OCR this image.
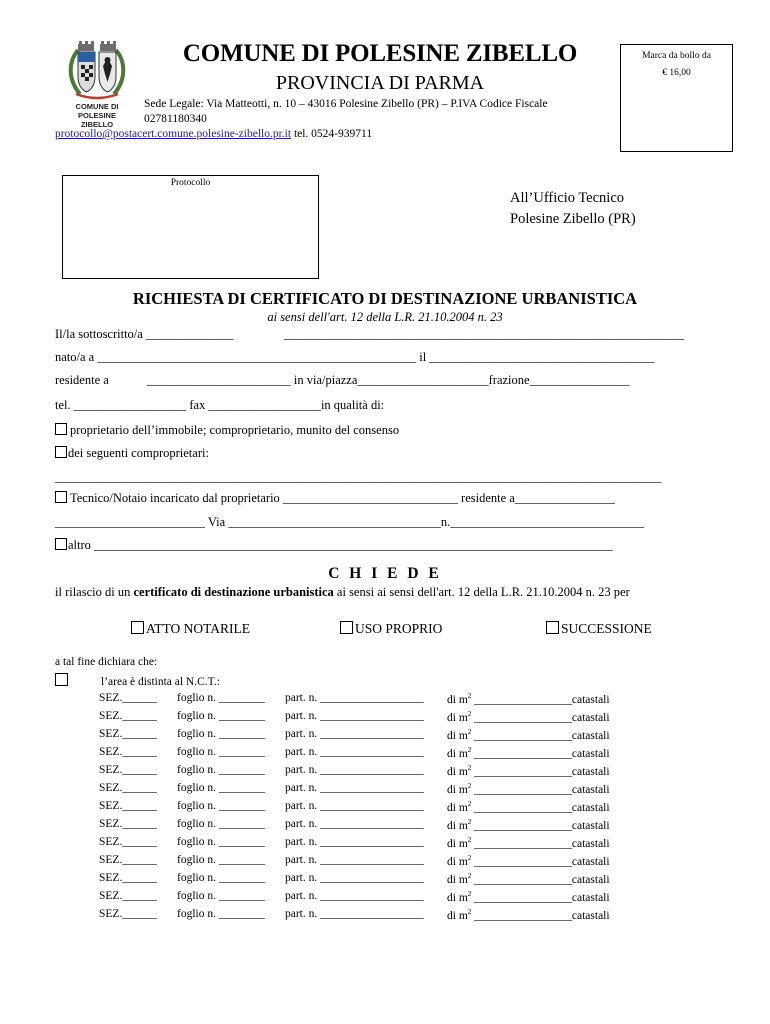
COMUNE DI
POLESINE ZIBELLO
COMUNE DI POLESINE ZIBELLO
PROVINCIA DI PARMA
Sede Legale: Via Matteotti, n. 10 – 43016 Polesine Zibello (PR) – P.IVA Codice Fiscale
02781180340
protocollo@postacert.comune.polesine-zibello.pr.it tel. 0524-939711
Marca da bollo da
€ 16,00
Protocollo
All’Ufficio Tecnico
Polesine Zibello (PR)
RICHIESTA DI CERTIFICATO DI DESTINAZIONE URBANISTICA
ai sensi dell'art. 12 della L.R. 21.10.2004 n. 23
Il/la sottoscritto/a ______________	________________________________________________________________
nato/a a ___________________________________________________ il ____________________________________
residente a	_______________________ in via/piazza_____________________frazione________________
tel. __________________ fax __________________in qualità di:
proprietario dell’immobile; comproprietario, munito del consenso
dei seguenti comproprietari:
_________________________________________________________________________________________________
Tecnico/Notaio incaricato dal proprietario ____________________________ residente a________________
________________________ Via __________________________________n._______________________________
altro ___________________________________________________________________________________
C H I E D E
il rilascio di un certificato di destinazione urbanistica ai sensi ai sensi dell'art. 12 della L.R. 21.10.2004 n. 23 per
ATTO NOTARILE	USO PROPRIO	SUCCESSIONE
a tal fine dichiara che:
l’area è distinta al N.C.T.:
SEZ.______ foglio n. ________ part. n. __________________ di $m^2$ _________________catastali
SEZ.______ foglio n. ________ part. n. __________________ di $m^2$ _________________catastali
SEZ.______ foglio n. ________ part. n. __________________ di $m^2$ _________________catastali
SEZ.______ foglio n. ________ part. n. __________________ di $m^2$ _________________catastali
SEZ.______ foglio n. ________ part. n. __________________ di $m^2$ _________________catastali
SEZ.______ foglio n. ________ part. n. __________________ di $m^2$ _________________catastali
SEZ.______ foglio n. ________ part. n. __________________ di $m^2$ _________________catastali
SEZ.______ foglio n. ________ part. n. __________________ di $m^2$ _________________catastali
SEZ.______ foglio n. ________ part. n. __________________ di $m^2$ _________________catastali
SEZ.______ foglio n. ________ part. n. __________________ di $m^2$ _________________catastali
SEZ.______ foglio n. ________ part. n. __________________ di $m^2$ _________________catastali
SEZ.______ foglio n. ________ part. n. __________________ di $m^2$ _________________catastali
SEZ.______ foglio n. ________ part. n. __________________ di $m^2$ _________________catastali
